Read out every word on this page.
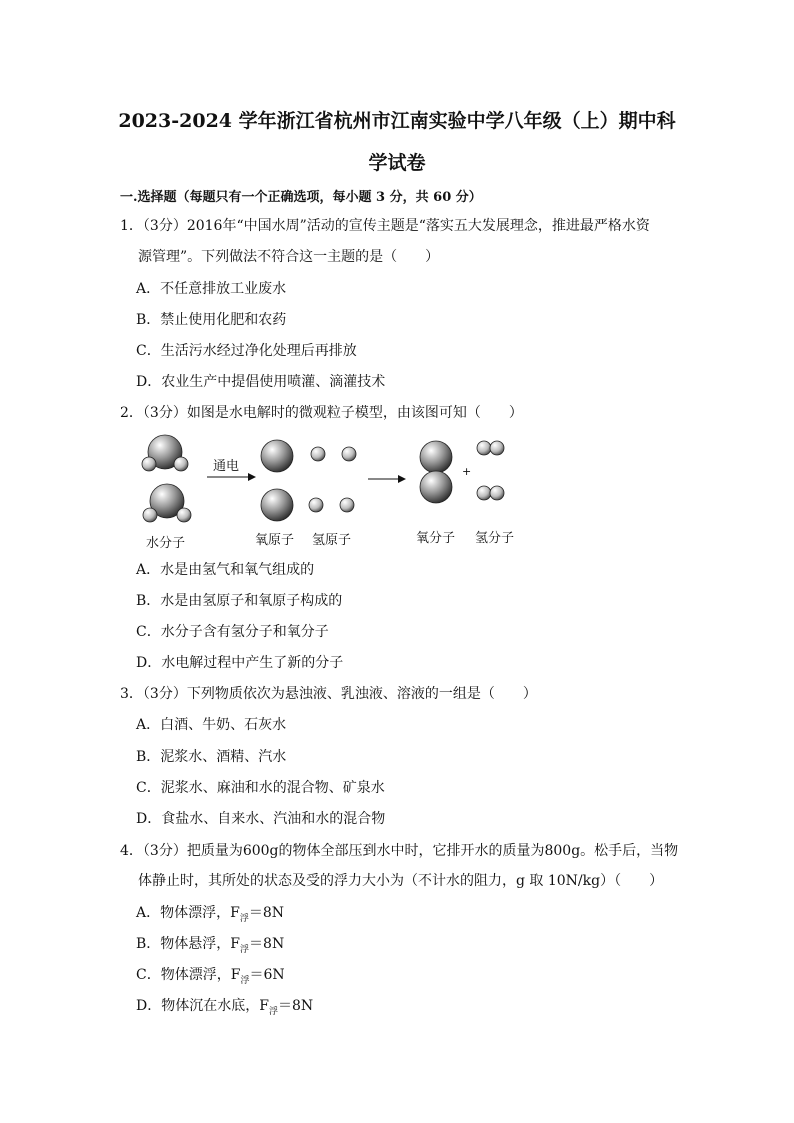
2023-2024 学年浙江省杭州市江南实验中学八年级（上）期中科
学试卷
一.选择题（每题只有一个正确选项，每小题 3 分，共 60 分）
1．（3分）2016年“中国水周”活动的宣传主题是“落实五大发展理念，推进最严格水资
源管理”。下列做法不符合这一主题的是（　　）
A．不任意排放工业废水
B．禁止使用化肥和农药
C．生活污水经过净化处理后再排放
D．农业生产中提倡使用喷灌、滴灌技术
2．（3分）如图是水电解时的微观粒子模型，由该图可知（　　）
通电	+
水分子	氧原子 氢原子	氧分子 氢分子
A．水是由氢气和氧气组成的
B．水是由氢原子和氧原子构成的
C．水分子含有氢分子和氧分子
D．水电解过程中产生了新的分子
3．（3分）下列物质依次为悬浊液、乳浊液、溶液的一组是（　　）
A．白酒、牛奶、石灰水
B．泥浆水、酒精、汽水
C．泥浆水、麻油和水的混合物、矿泉水
D．食盐水、自来水、汽油和水的混合物
4．（3分）把质量为600g的物体全部压到水中时，它排开水的质量为800g。松手后，当物
体静止时，其所处的状态及受的浮力大小为（不计水的阻力，g 取 10N/kg）（　　）
A．物体漂浮，$F_浮=8N$
B．物体悬浮，$F_浮=8N$
C．物体漂浮，$F_浮=6N$
D．物体沉在水底，$F_浮=8N$
